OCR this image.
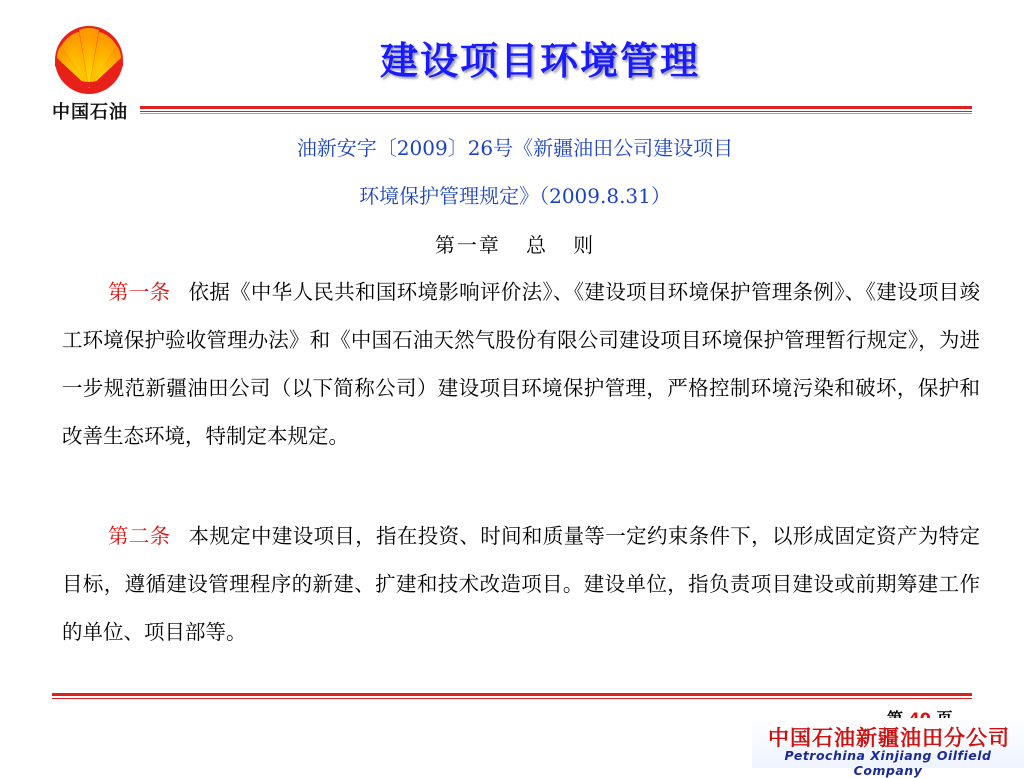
中国石油
建设项目环境管理
油新安字〔2009〕26号《新疆油田公司建设项目
环境保护管理规定》（2009.8.31）
第一章   总   则
第一条 依据《中华人民共和国环境影响评价法》、《建设项目环境保护管理条例》、《建设项目竣工环境保护验收管理办法》和《中国石油天然气股份有限公司建设项目环境保护管理暂行规定》，为进一步规范新疆油田公司（以下简称公司）建设项目环境保护管理，严格控制环境污染和破坏，保护和改善生态环境，特制定本规定。
第二条 本规定中建设项目，指在投资、时间和质量等一定约束条件下，以形成固定资产为特定目标，遵循建设管理程序的新建、扩建和技术改造项目。建设单位，指负责项目建设或前期筹建工作的单位、项目部等。
中国石油新疆油田分公司
Petrochina Xinjiang Oilfield Company
